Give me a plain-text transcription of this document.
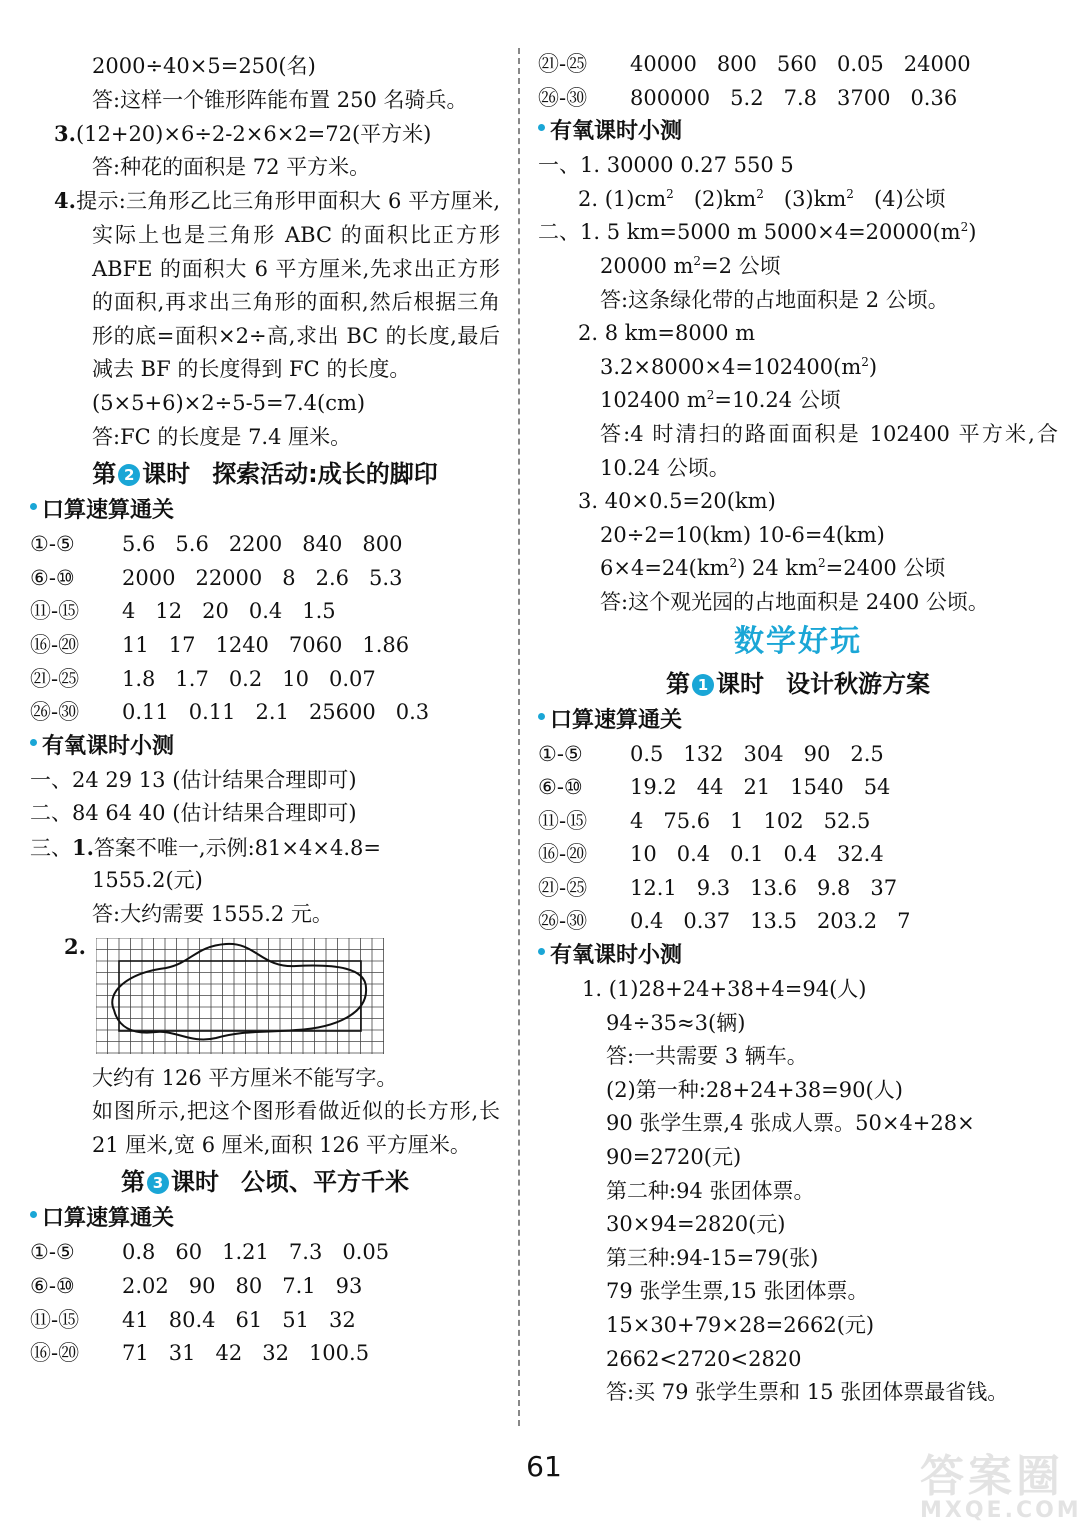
2000÷40×5=250(名)
答:这样一个锥形阵能布置 250 名骑兵。
3.(12+20)×6÷2-2×6×2=72(平方米)
答:种花的面积是 72 平方米。
4.提示:三角形乙比三角形甲面积大 6 平方厘米,实际上也是三角形 ABC 的面积比正方形 ABFE 的面积大 6 平方厘米,先求出正方形的面积,再求出三角形的面积,然后根据三角形的底=面积×2÷高,求出 BC 的长度,最后减去 BF 的长度得到 FC 的长度。
(5×5+6)×2÷5-5=7.4(cm)
答:FC 的长度是 7.4 厘米。
第 2 课时 探索活动:成长的脚印
口算速算通关
①-⑤	5.6 5.6 2200 840 800
⑥-⑩	2000 22000 8 2.6 5.3
⑪-⑮	4 12 20 0.4 1.5
⑯-⑳	11 17 1240 7060 1.86
㉑-㉕	1.8 1.7 0.2 10 0.07
㉖-㉚	0.11 0.11 2.1 25600 0.3
有氧课时小测
一、24 29 13 (估计结果合理即可)
二、84 64 40 (估计结果合理即可)
三、1.答案不唯一,示例:81×4×4.8=
1555.2(元)
答:大约需要 1555.2 元。
2.
大约有 126 平方厘米不能写字。
如图所示,把这个图形看做近似的长方形,长 21 厘米,宽 6 厘米,面积 126 平方厘米。
第 3 课时 公顷、平方千米
口算速算通关
①-⑤	0.8 60 1.21 7.3 0.05
⑥-⑩	2.02 90 80 7.1 93
⑪-⑮	41 80.4 61 51 32
⑯-⑳	71 31 42 32 100.5
㉑-㉕	40000 800 560 0.05 24000
㉖-㉚	800000 5.2 7.8 3700 0.36
有氧课时小测
一、1. 30000 0.27 550 5
2. $(1)cm^2$ $(2)km^2$ $(3)km^2$ (4)公顷
二、1. 5 km=5000 m $5000\times 4=20000(m^2)$
20000 $m^2=2$ 公顷
答:这条绿化带的占地面积是 2 公顷。
2. 8 km=8000 m
$3.2\times 8000\times 4=102400(m^2)$
102400 $m^2=10.24$ 公顷
答:4 时清扫的路面面积是 102400 平方米,合 10.24 公顷。
3. 40×0.5=20(km)
20÷2=10(km) 10-6=4(km)
$6\times 4=24(km^2)$ 24 $km^2=2400$ 公顷
答:这个观光园的占地面积是 2400 公顷。
数学好玩
第 1 课时 设计秋游方案
口算速算通关
①-⑤	0.5 132 304 90 2.5
⑥-⑩	19.2 44 21 1540 54
⑪-⑮	4 75.6 1 102 52.5
⑯-⑳	10 0.4 0.1 0.4 32.4
㉑-㉕	12.1 9.3 13.6 9.8 37
㉖-㉚	0.4 0.37 13.5 203.2 7
有氧课时小测
1. (1)28+24+38+4=94(人)
94÷35≈3(辆)
答:一共需要 3 辆车。
(2)第一种:28+24+38=90(人)
90 张学生票,4 张成人票。50×4+28×
90=2720(元)
第二种:94 张团体票。
30×94=2820(元)
第三种:94-15=79(张)
79 张学生票,15 张团体票。
15×30+79×28=2662(元)
2662<2720<2820
答:买 79 张学生票和 15 张团体票最省钱。
61	答案圈
MXQE.COM
